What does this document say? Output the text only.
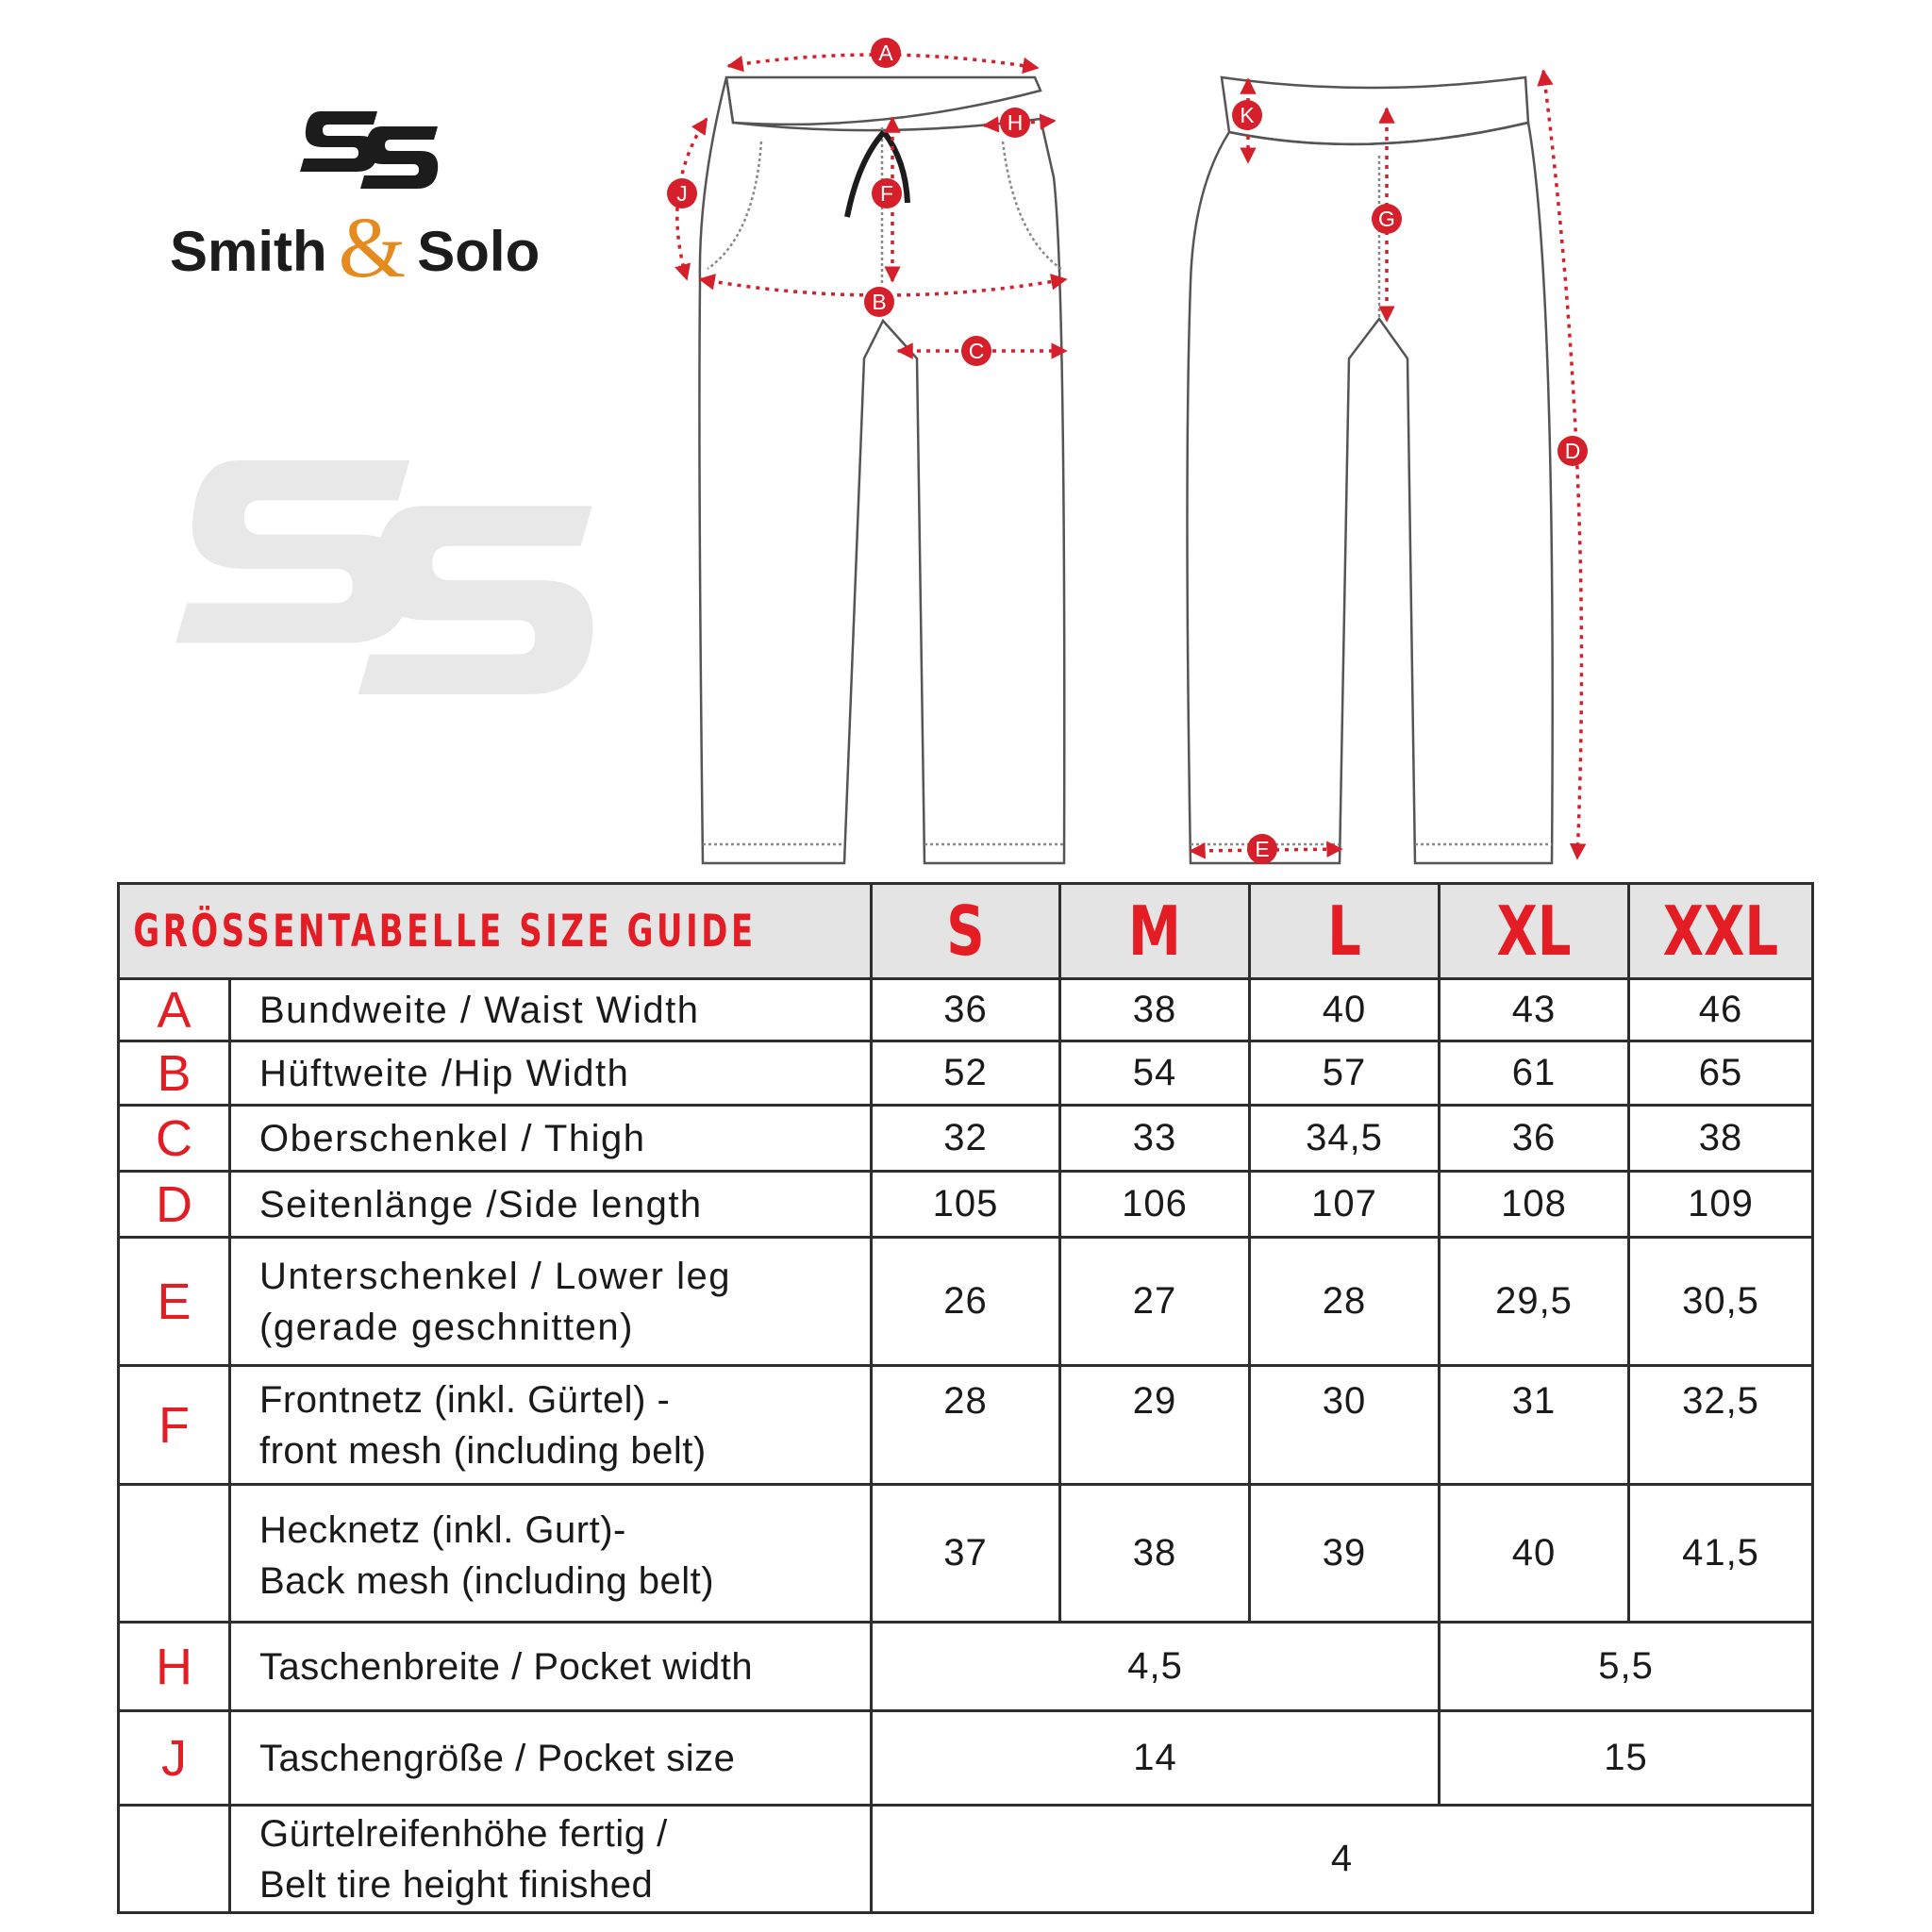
Smith & Solo
A
B
C
D
E
F
G
H
J
K
GRÖSSENTABELLE SIZE GUIDE		S	M	L	XL	XXL

A	Bundweite / Waist Width	36	38	40	43	46
B	Hüftweite /Hip Width	52	54	57	61	65
C	Oberschenkel / Thigh	32	33	34,5	36	38
D	Seitenlänge /Side length	105	106	107	108	109
E	Unterschenkel / Lower leg
(gerade geschnitten)	26	27	28	29,5	30,5
F	Frontnetz (inkl. Gürtel) -
front mesh (including belt)	28	29	30	31	32,5
	Hecknetz (inkl. Gurt)-
Back mesh (including belt)	37	38	39	40	41,5
H	Taschenbreite / Pocket width	4,5			5,5	
J	Taschengröße / Pocket size	14			15	
	Gürtelreifenhöhe fertig /
Belt tire height finished	4				
